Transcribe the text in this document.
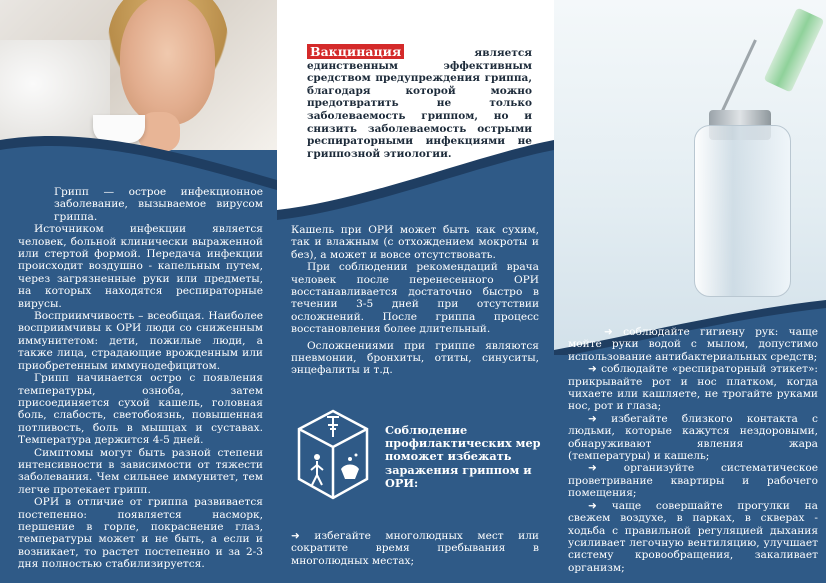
Грипп — острое инфекционное заболевание, вызываемое вирусом гриппа.

Источником инфекции является человек, больной клинически выраженной или стертой формой. Передача инфекции происходит воздушно - капельным путем, через загрязненные руки или предметы, на которых находятся респираторные вирусы.

Восприимчивость – всеобщая. Наиболее восприимчивы к ОРИ люди со сниженным иммунитетом: дети, пожилые люди, а также лица, страдающие врожденным или приобретенным иммунодефицитом.

Грипп начинается остро с появления температуры, озноба, затем присоединяется сухой кашель, головная боль, слабость, светобоязнь, повышенная потливость, боль в мышцах и суставах. Температура держится 4-5 дней.

Симптомы могут быть разной степени интенсивности в зависимости от тяжести заболевания. Чем сильнее иммунитет, тем легче протекает грипп.

ОРИ в отличие от гриппа развивается постепенно: появляется насморк, першение в горле, покраснение глаз, температуры может и не быть, а если и возникает, то растет постепенно и за 2-3 дня полностью стабилизируется.

Вакцинация является единственным эффективным средством предупреждения гриппа, благодаря которой можно предотвратить не только заболеваемость гриппом, но и снизить заболеваемость острыми респираторными инфекциями не гриппозной этиологии.

Кашель при ОРИ может быть как сухим, так и влажным (с отхождением мокроты и без), а может и вовсе отсутствовать.

При соблюдении рекомендаций врача человек после перенесенного ОРИ восстанавливается достаточно быстро в течении 3-5 дней при отсутствии осложнений. После гриппа процесс восстановления более длительный.

Осложнениями при гриппе являются пневмонии, бронхиты, отиты, синуситы, энцефалиты и т.д.

Соблюдение профилактических мер поможет избежать заражения гриппом и ОРИ:
➜ избегайте многолюдных мест или сократите время пребывания в многолюдных местах;

➜ соблюдайте гигиену рук: чаще мойте руки водой с мылом, допустимо использование антибактериальных средств;

➜ соблюдайте «респираторный этикет»: прикрывайте рот и нос платком, когда чихаете или кашляете, не трогайте руками нос, рот и глаза;

➜ избегайте близкого контакта с людьми, которые кажутся нездоровыми, обнаруживают явления жара (температуры) и кашель;

➜ организуйте систематическое проветривание квартиры и рабочего помещения;

➜ чаще совершайте прогулки на свежем воздухе, в парках, в скверах - ходьба с правильной регуляцией дыхания усиливает легочную вентиляцию, улучшает систему кровообращения, закаливает организм;
